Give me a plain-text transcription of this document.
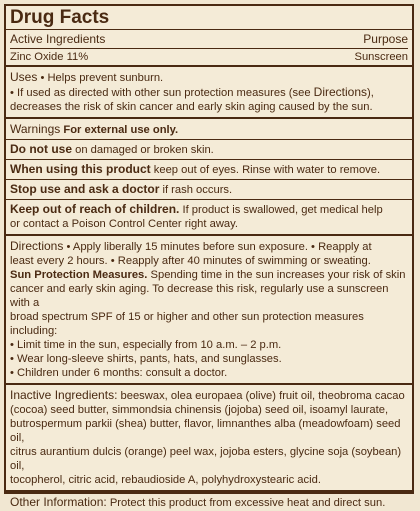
Drug Facts
Active Ingredients	Purpose
Zinc Oxide 11%	Sunscreen

Uses • Helps prevent sunburn.

• If used as directed with other sun protection measures (see Directions),

decreases the risk of skin cancer and early skin aging caused by the sun.

Warnings For external use only.

Do not use on damaged or broken skin.

When using this product keep out of eyes. Rinse with water to remove.

Stop use and ask a doctor if rash occurs.

Keep out of reach of children. If product is swallowed, get medical help

or contact a Poison Control Center right away.

Directions • Apply liberally 15 minutes before sun exposure. • Reapply at

least every 2 hours. • Reapply after 40 minutes of swimming or sweating.

Sun Protection Measures. Spending time in the sun increases your risk of skin

cancer and early skin aging. To decrease this risk, regularly use a sunscreen with a

broad spectrum SPF of 15 or higher and other sun protection measures including:

• Limit time in the sun, especially from 10 a.m. – 2 p.m.

• Wear long-sleeve shirts, pants, hats, and sunglasses.

• Children under 6 months: consult a doctor.

Inactive Ingredients: beeswax, olea europaea (olive) fruit oil, theobroma cacao

(cocoa) seed butter, simmondsia chinensis (jojoba) seed oil, isoamyl laurate,

butrospermum parkii (shea) butter, flavor, limnanthes alba (meadowfoam) seed oil,

citrus aurantium dulcis (orange) peel wax, jojoba esters, glycine soja (soybean) oil,

tocopherol, citric acid, rebaudioside A, polyhydroxystearic acid.

Other Information: Protect this product from excessive heat and direct sun.
